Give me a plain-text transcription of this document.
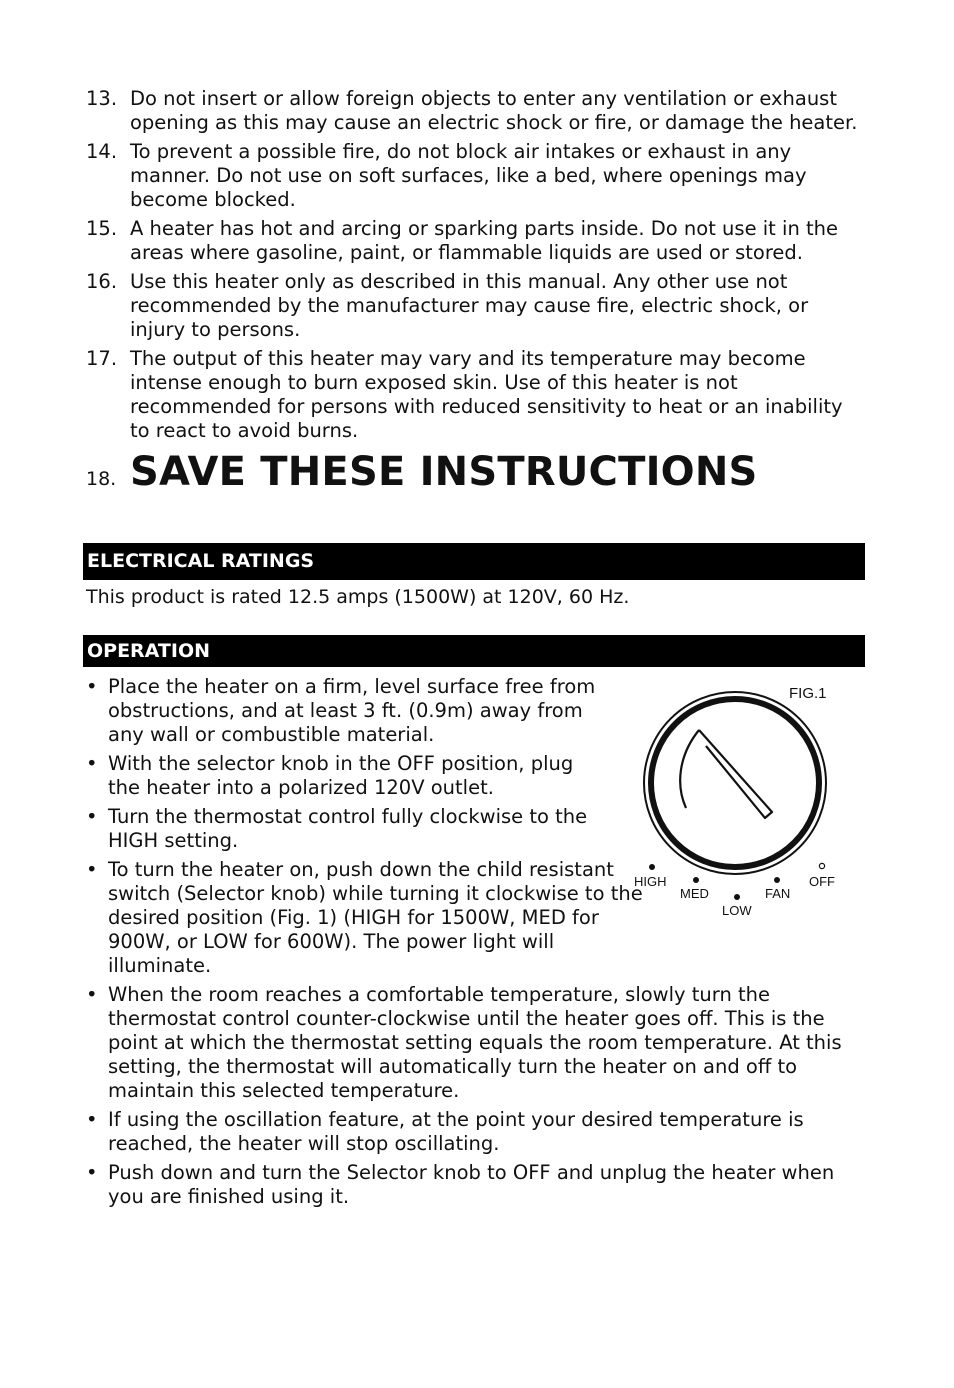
13. Do not insert or allow foreign objects to enter any ventilation or exhaust opening as this may cause an electric shock or fire, or damage the heater.
14. To prevent a possible fire, do not block air intakes or exhaust in any manner. Do not use on soft surfaces, like a bed, where openings may become blocked.
15. A heater has hot and arcing or sparking parts inside. Do not use it in the areas where gasoline, paint, or flammable liquids are used or stored.
16. Use this heater only as described in this manual. Any other use not recommended by the manufacturer may cause fire, electric shock, or injury to persons.
17. The output of this heater may vary and its temperature may become intense enough to burn exposed skin. Use of this heater is not recommended for persons with reduced sensitivity to heat or an inability to react to avoid burns.
18. SAVE THESE INSTRUCTIONS
ELECTRICAL RATINGS
This product is rated 12.5 amps (1500W) at 120V, 60 Hz.
OPERATION
• Place the heater on a firm, level surface free from obstructions, and at least 3 ft. (0.9m) away from any wall or combustible material.
• With the selector knob in the OFF position, plug the heater into a polarized 120V outlet.
• Turn the thermostat control fully clockwise to the HIGH setting.
• To turn the heater on, push down the child resistant switch (Selector knob) while turning it clockwise to the desired position (Fig. 1) (HIGH for 1500W, MED for 900W, or LOW for 600W). The power light will illuminate.
• When the room reaches a comfortable temperature, slowly turn the thermostat control counter-clockwise until the heater goes off. This is the point at which the thermostat setting equals the room temperature. At this setting, the thermostat will automatically turn the heater on and off to maintain this selected temperature.
• If using the oscillation feature, at the point your desired temperature is reached, the heater will stop oscillating.
• Push down and turn the Selector knob to OFF and unplug the heater when you are finished using it.
FIG.1
HIGH
MED
LOW
FAN
OFF
